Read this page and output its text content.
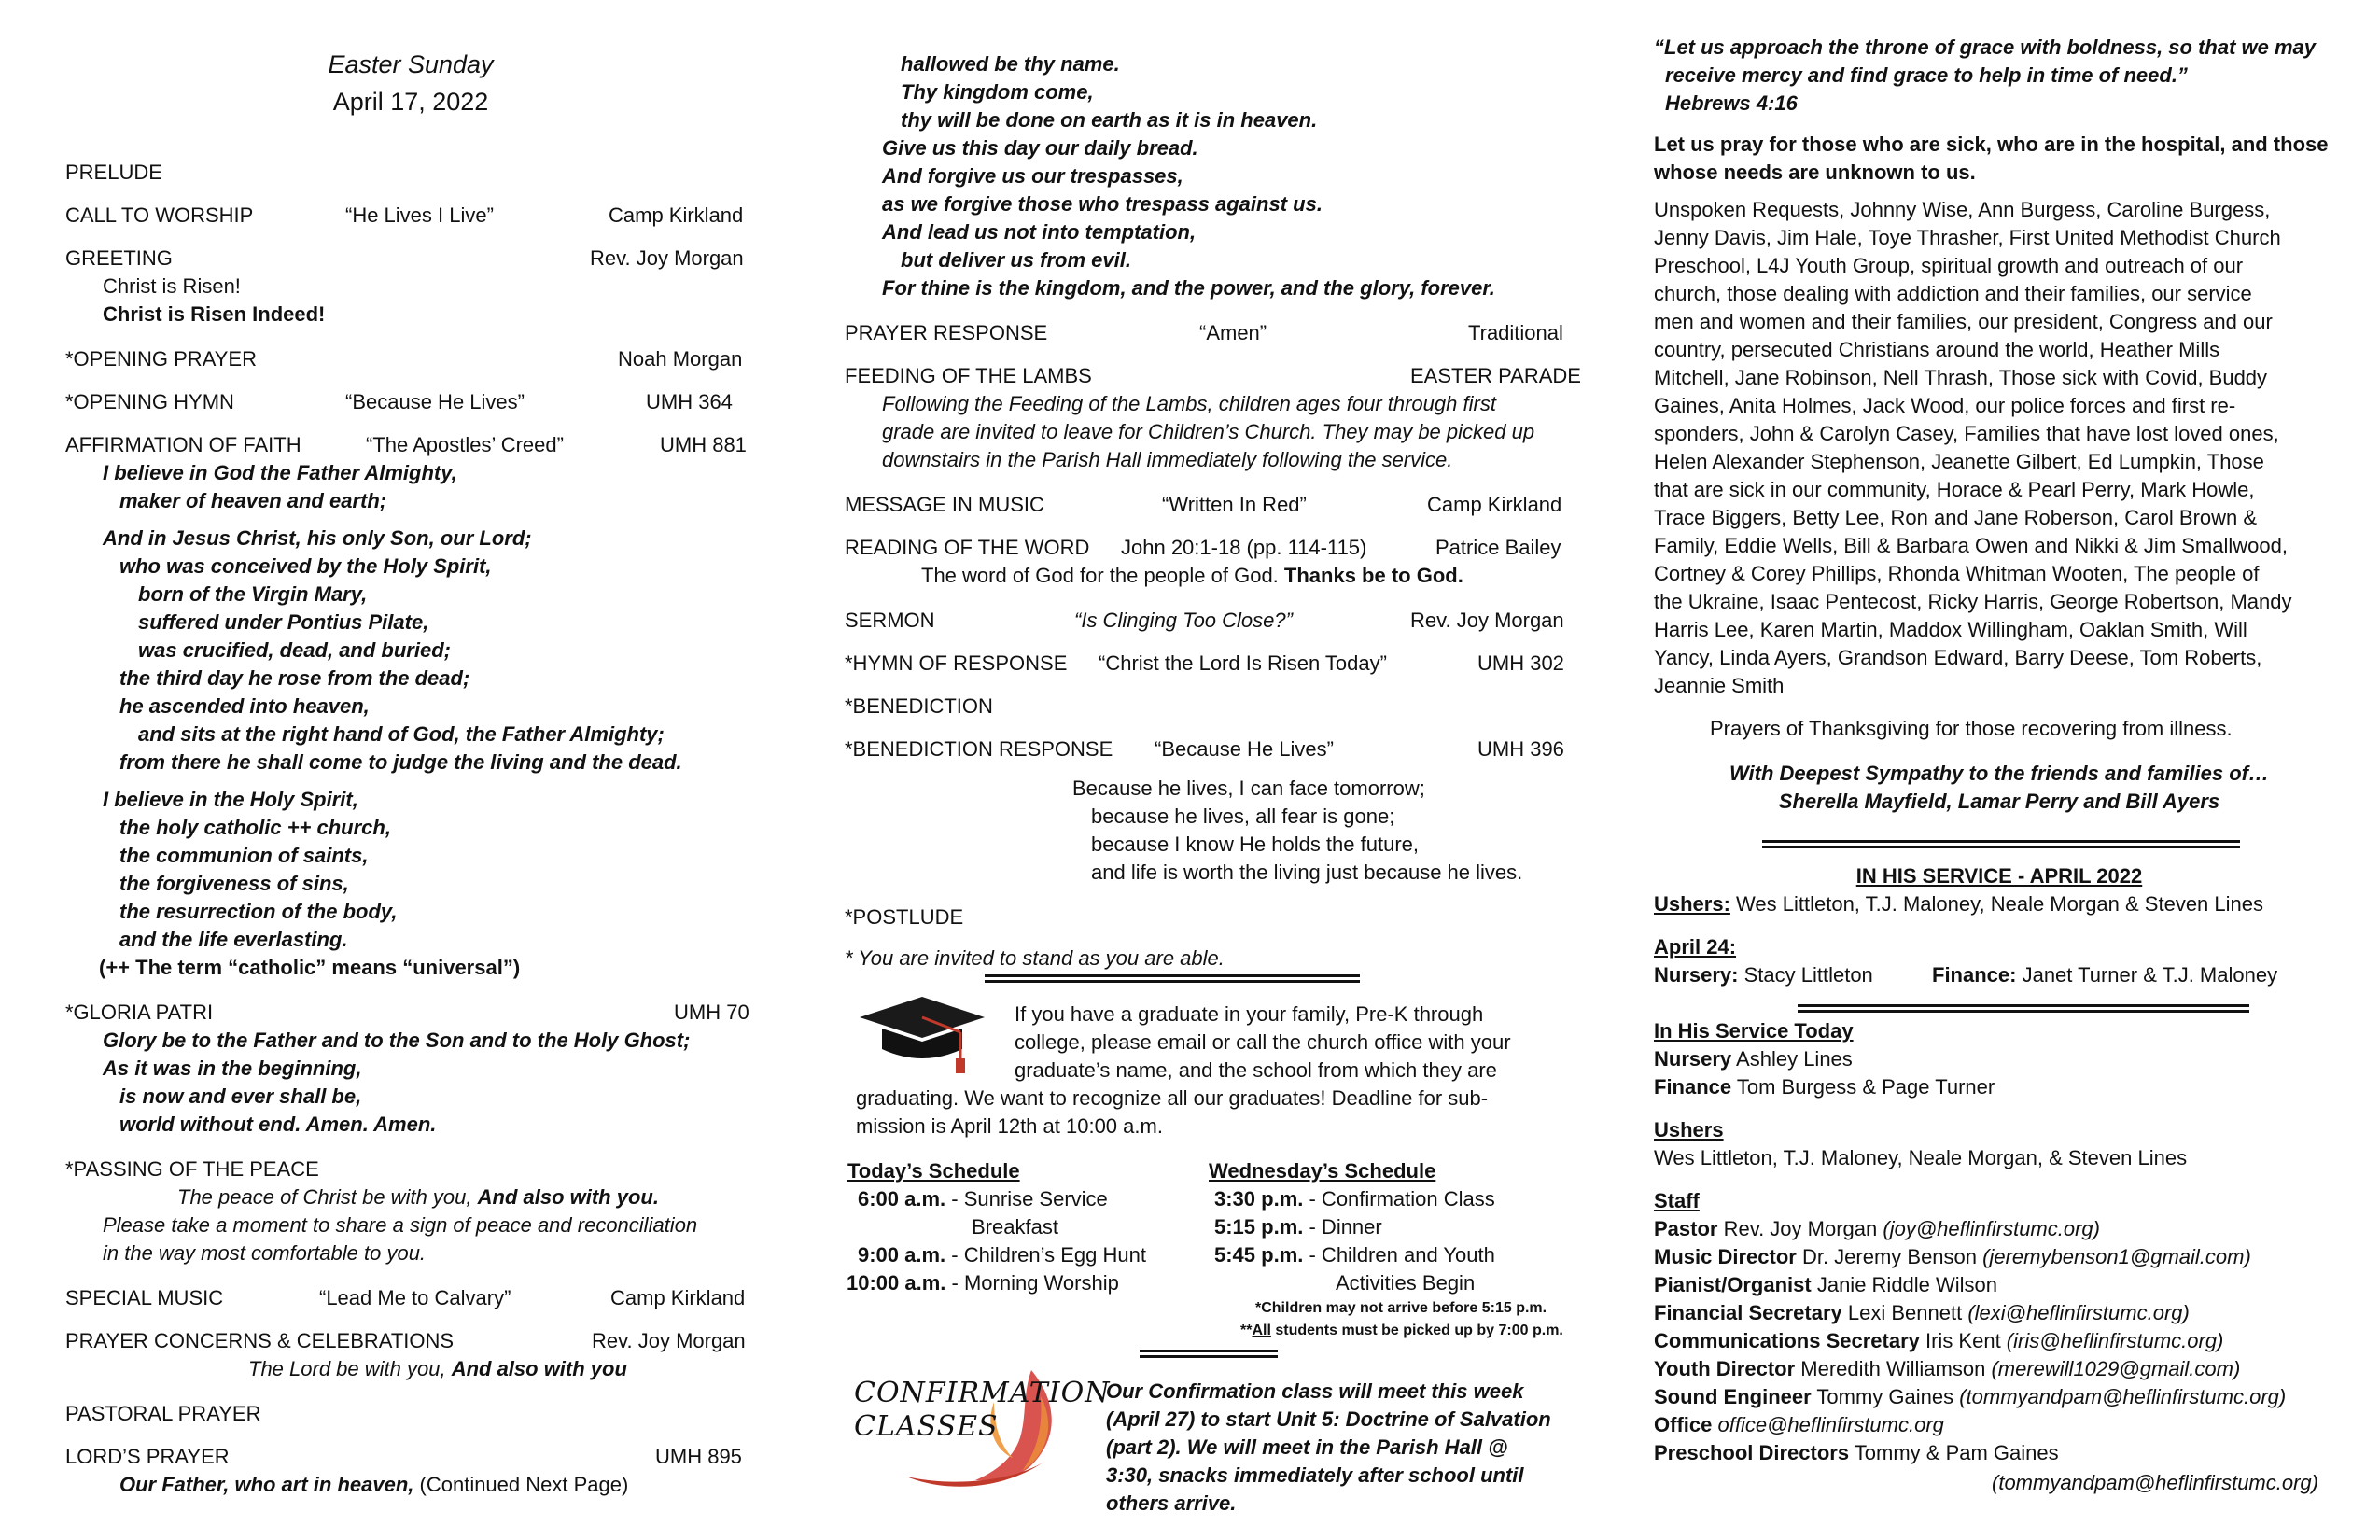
Easter Sunday
April 17, 2022
PRELUDE
CALL TO WORSHIP	“He Lives I Live”	Camp Kirkland
GREETING	Rev. Joy Morgan
Christ is Risen!
Christ is Risen Indeed!
*OPENING PRAYER	Noah Morgan
*OPENING HYMN	“Because He Lives”	UMH 364
AFFIRMATION OF FAITH	“The Apostles’ Creed”	UMH 881
I believe in God the Father Almighty,
maker of heaven and earth;
And in Jesus Christ, his only Son, our Lord;
who was conceived by the Holy Spirit,
born of the Virgin Mary,
suffered under Pontius Pilate,
was crucified, dead, and buried;
the third day he rose from the dead;
he ascended into heaven,
and sits at the right hand of God, the Father Almighty;
from there he shall come to judge the living and the dead.
I believe in the Holy Spirit,
the holy catholic ++ church,
the communion of saints,
the forgiveness of sins,
the resurrection of the body,
and the life everlasting.
(++ The term “catholic” means “universal”)
*GLORIA PATRI	UMH 70
Glory be to the Father and to the Son and to the Holy Ghost;
As it was in the beginning,
is now and ever shall be,
world without end. Amen. Amen.
*PASSING OF THE PEACE
The peace of Christ be with you, And also with you.
Please take a moment to share a sign of peace and reconciliation
in the way most comfortable to you.
SPECIAL MUSIC	“Lead Me to Calvary”	Camp Kirkland
PRAYER CONCERNS & CELEBRATIONS	Rev. Joy Morgan
The Lord be with you, And also with you
PASTORAL PRAYER
LORD’S PRAYER	UMH 895
Our Father, who art in heaven, (Continued Next Page)
hallowed be thy name.
Thy kingdom come,
thy will be done on earth as it is in heaven.
Give us this day our daily bread.
And forgive us our trespasses,
as we forgive those who trespass against us.
And lead us not into temptation,
but deliver us from evil.
For thine is the kingdom, and the power, and the glory, forever.
PRAYER RESPONSE	“Amen”	Traditional
FEEDING OF THE LAMBS	EASTER PARADE
Following the Feeding of the Lambs, children ages four through first
grade are invited to leave for Children’s Church. They may be picked up
downstairs in the Parish Hall immediately following the service.
MESSAGE IN MUSIC	“Written In Red”	Camp Kirkland
READING OF THE WORD John 20:1-18 (pp. 114-115)	Patrice Bailey
The word of God for the people of God. Thanks be to God.
SERMON	“Is Clinging Too Close?”	Rev. Joy Morgan
*HYMN OF RESPONSE “Christ the Lord Is Risen Today”	UMH 302
*BENEDICTION
*BENEDICTION RESPONSE “Because He Lives”	UMH 396
Because he lives, I can face tomorrow;
because he lives, all fear is gone;
because I know He holds the future,
and life is worth the living just because he lives.
*POSTLUDE
* You are invited to stand as you are able.
If you have a graduate in your family, Pre-K through
college, please email or call the church office with your
graduate’s name, and the school from which they are
graduating. We want to recognize all our graduates! Deadline for sub-
mission is April 12th at 10:00 a.m.
Today’s Schedule
6:00 a.m. - Sunrise Service
Breakfast
9:00 a.m. - Children’s Egg Hunt
10:00 a.m. - Morning Worship
Wednesday’s Schedule
3:30 p.m. - Confirmation Class
5:15 p.m. - Dinner
5:45 p.m. - Children and Youth
Activities Begin
*Children may not arrive before 5:15 p.m.
**All students must be picked up by 7:00 p.m.
CONFIRMATION
CLASSES
Our Confirmation class will meet this week
(April 27) to start Unit 5: Doctrine of Salvation
(part 2). We will meet in the Parish Hall @
3:30, snacks immediately after school until
others arrive.
“Let us approach the throne of grace with boldness, so that we may
receive mercy and find grace to help in time of need.”
Hebrews 4:16
Let us pray for those who are sick, who are in the hospital, and those
whose needs are unknown to us.
Unspoken Requests, Johnny Wise, Ann Burgess, Caroline Burgess,
Jenny Davis, Jim Hale, Toye Thrasher, First United Methodist Church
Preschool, L4J Youth Group, spiritual growth and outreach of our
church, those dealing with addiction and their families, our service
men and women and their families, our president, Congress and our
country, persecuted Christians around the world, Heather Mills
Mitchell, Jane Robinson, Nell Thrash, Those sick with Covid, Buddy
Gaines, Anita Holmes, Jack Wood, our police forces and first re-
sponders, John & Carolyn Casey, Families that have lost loved ones,
Helen Alexander Stephenson, Jeanette Gilbert, Ed Lumpkin, Those
that are sick in our community, Horace & Pearl Perry, Mark Howle,
Trace Biggers, Betty Lee, Ron and Jane Roberson, Carol Brown &
Family, Eddie Wells, Bill & Barbara Owen and Nikki & Jim Smallwood,
Cortney & Corey Phillips, Rhonda Whitman Wooten, The people of
the Ukraine, Isaac Pentecost, Ricky Harris, George Robertson, Mandy
Harris Lee, Karen Martin, Maddox Willingham, Oaklan Smith, Will
Yancy, Linda Ayers, Grandson Edward, Barry Deese, Tom Roberts,
Jeannie Smith
Prayers of Thanksgiving for those recovering from illness.
With Deepest Sympathy to the friends and families of…
Sherella Mayfield, Lamar Perry and Bill Ayers
IN HIS SERVICE - APRIL 2022
Ushers: Wes Littleton, T.J. Maloney, Neale Morgan & Steven Lines
April 24:
Nursery: Stacy Littleton	Finance: Janet Turner & T.J. Maloney
In His Service Today
Nursery Ashley Lines
Finance Tom Burgess & Page Turner
Ushers
Wes Littleton, T.J. Maloney, Neale Morgan, & Steven Lines
Staff
Pastor Rev. Joy Morgan (joy@heflinfirstumc.org)
Music Director Dr. Jeremy Benson (jeremybenson1@gmail.com)
Pianist/Organist Janie Riddle Wilson
Financial Secretary Lexi Bennett (lexi@heflinfirstumc.org)
Communications Secretary Iris Kent (iris@heflinfirstumc.org)
Youth Director Meredith Williamson (merewill1029@gmail.com)
Sound Engineer Tommy Gaines (tommyandpam@heflinfirstumc.org)
Office office@heflinfirstumc.org
Preschool Directors Tommy & Pam Gaines
(tommyandpam@heflinfirstumc.org)
